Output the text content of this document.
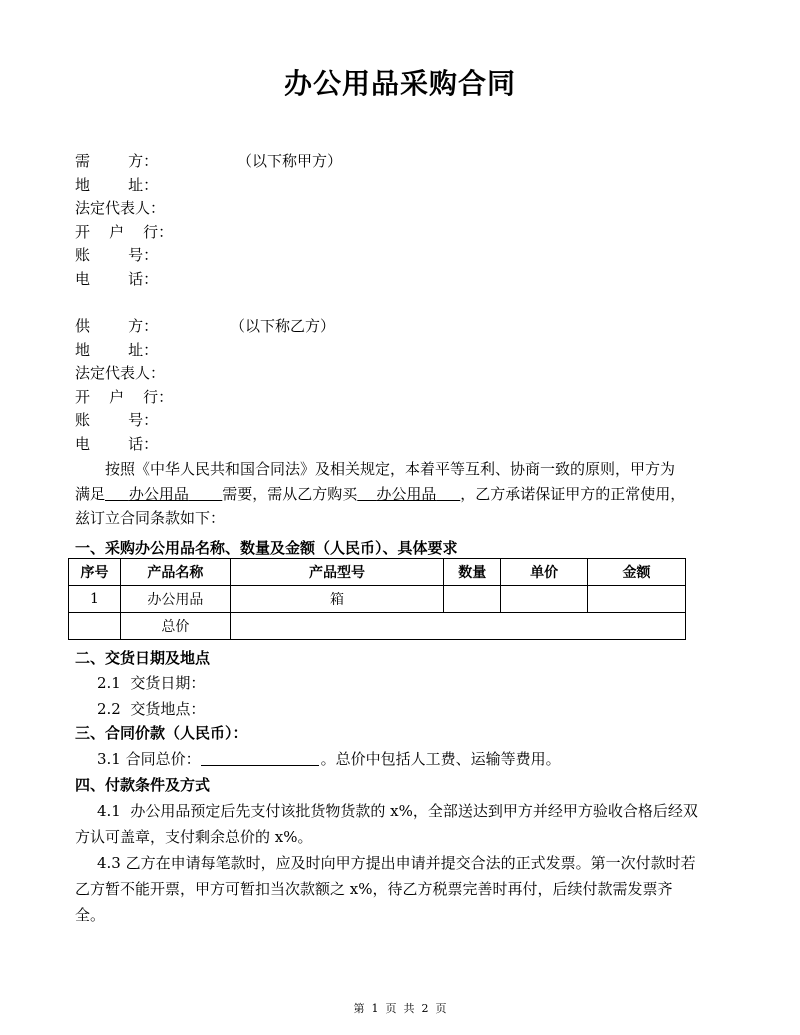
办公用品采购合同
需        方：	（以下称甲方）
地        址：
法定代表人：
开    户    行：
账        号：
电        话：
供        方：	（以下称乙方）
地        址：
法定代表人：
开    户    行：
账        号：
电        话：
按照《中华人民共和国合同法》及相关规定，本着平等互利、协商一致的原则，甲方为
满足 办公用品 需要，需从乙方购买 办公用品 ，乙方承诺保证甲方的正常使用，
兹订立合同条款如下：
一、采购办公用品名称、数量及金额（人民币）、具体要求
序号	产品名称	产品型号	数量	单价	金额
1	办公用品	箱			
	总价				
二、交货日期及地点
2.1  交货日期：
2.2  交货地点：
三、合同价款（人民币）：
3.1 合同总价：	。总价中包括人工费、运输等费用。
四、付款条件及方式
4.1  办公用品预定后先支付该批货物货款的 x%，全部送达到甲方并经甲方验收合格后经双
方认可盖章，支付剩余总价的 x%。
4.3 乙方在申请每笔款时，应及时向甲方提出申请并提交合法的正式发票。第一次付款时若
乙方暂不能开票，甲方可暂扣当次款额之 x%，待乙方税票完善时再付，后续付款需发票齐
全。
第  1  页  共  2  页
